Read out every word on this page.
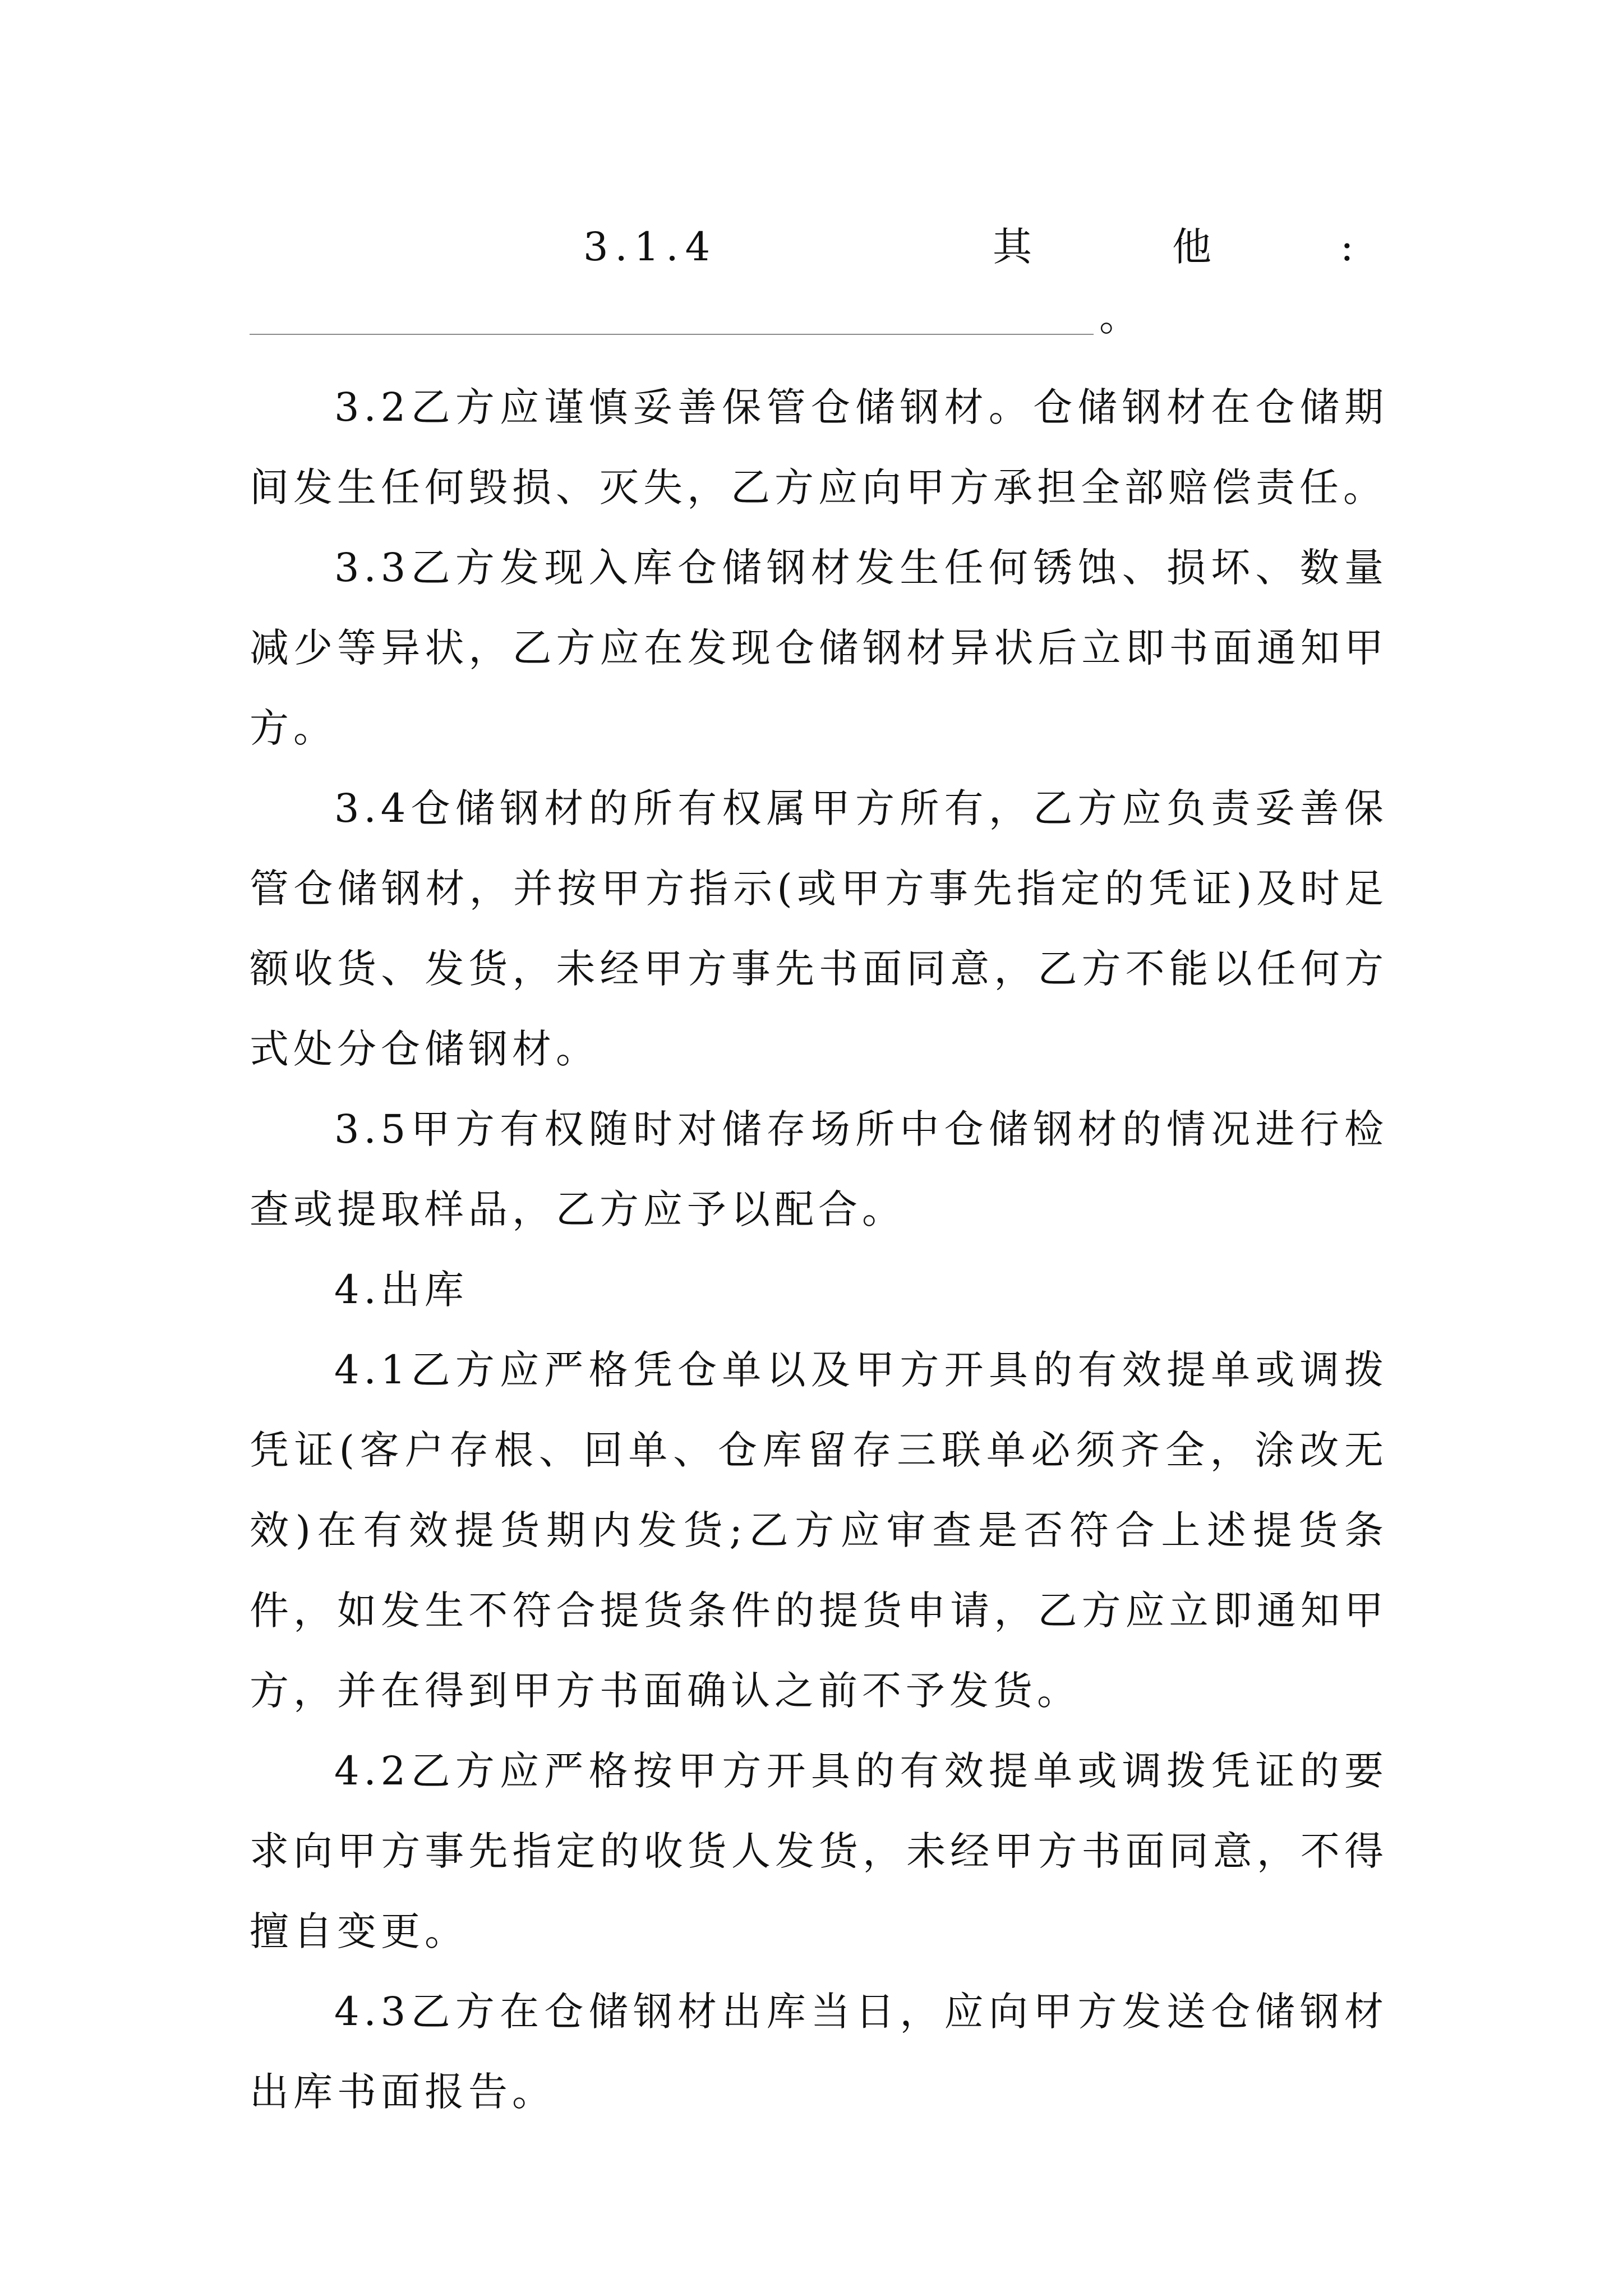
3.1.4	其	他	:
。

3.2乙方应谨慎妥善保管仓储钢材。仓储钢材在仓储期间发生任何毁损、灭失，乙方应向甲方承担全部赔偿责任。

3.3乙方发现入库仓储钢材发生任何锈蚀、损坏、数量减少等异状，乙方应在发现仓储钢材异状后立即书面通知甲方。

3.4仓储钢材的所有权属甲方所有，乙方应负责妥善保管仓储钢材，并按甲方指示(或甲方事先指定的凭证)及时足额收货、发货，未经甲方事先书面同意，乙方不能以任何方式处分仓储钢材。

3.5甲方有权随时对储存场所中仓储钢材的情况进行检查或提取样品，乙方应予以配合。

4.出库

4.1乙方应严格凭仓单以及甲方开具的有效提单或调拨凭证(客户存根、回单、仓库留存三联单必须齐全，涂改无效)在有效提货期内发货;乙方应审查是否符合上述提货条件，如发生不符合提货条件的提货申请，乙方应立即通知甲方，并在得到甲方书面确认之前不予发货。

4.2乙方应严格按甲方开具的有效提单或调拨凭证的要求向甲方事先指定的收货人发货，未经甲方书面同意，不得擅自变更。

4.3乙方在仓储钢材出库当日，应向甲方发送仓储钢材出库书面报告。
